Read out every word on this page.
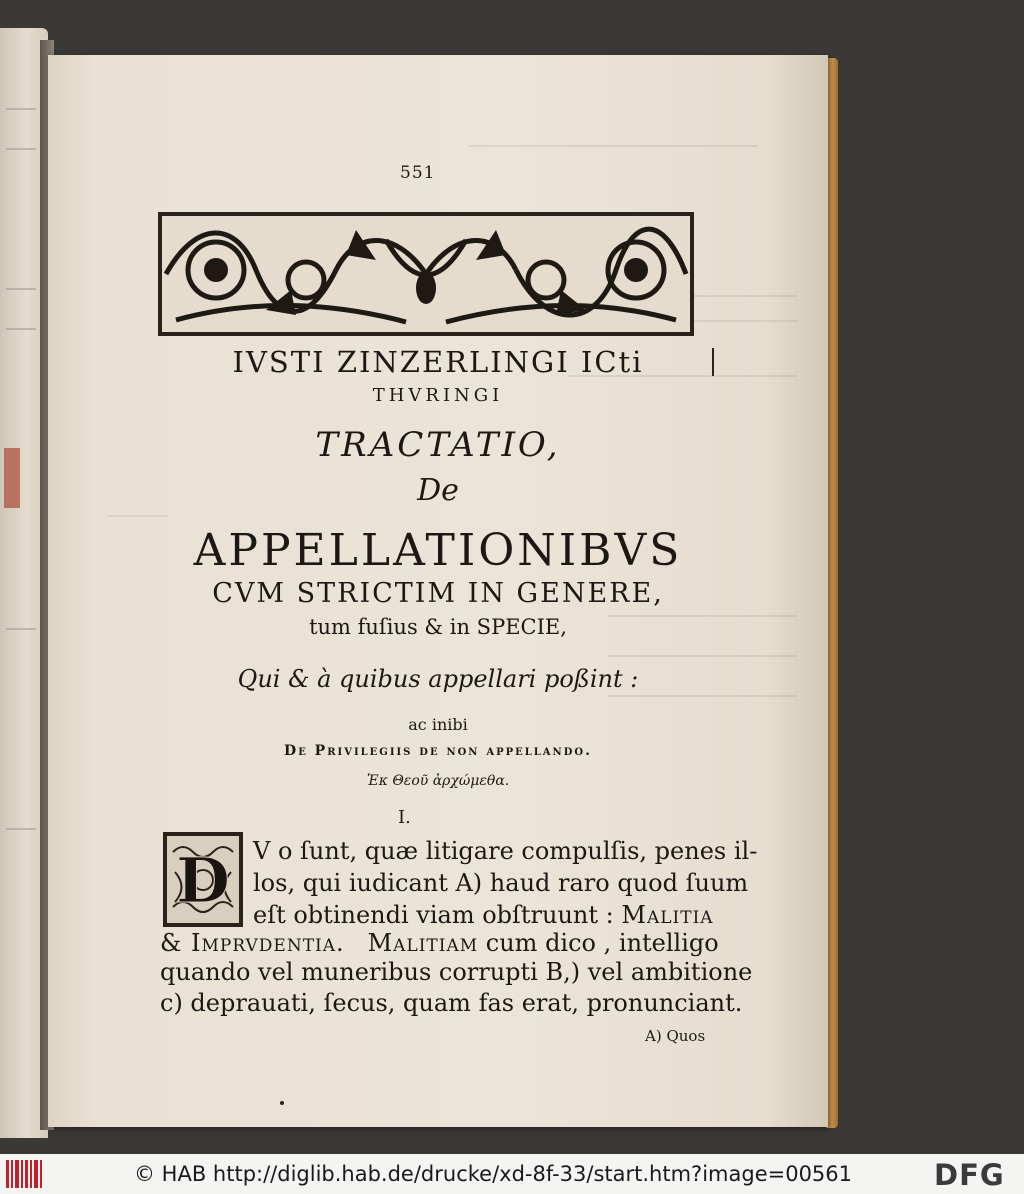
551
IVSTI ZINZERLINGI ICti
THVRINGI
TRACTATIO,
De
APPELLATIONIBVS
CVM STRICTIM IN GENERE,
tum fuſius & in SPECIE,
Qui & à quibus appellari poßint :
ac inibi
De Privilegiis de non appellando.
Ἐκ Θεοῦ ἀρχώμεθα.
I.
D V o ſunt, quæ litigare compulſis, penes il-
los, qui iudicant A) haud raro quod ſuum
eſt obtinendi viam obſtruunt : Malitia
& Imprvdentia. Malitiam cum dico , intelligo
quando vel muneribus corrupti B,) vel ambitione
c) deprauati, ſecus, quam fas erat, pronunciant.
A) Quos
© HAB http://diglib.hab.de/drucke/xd-8f-33/start.htm?image=00561	DFG
